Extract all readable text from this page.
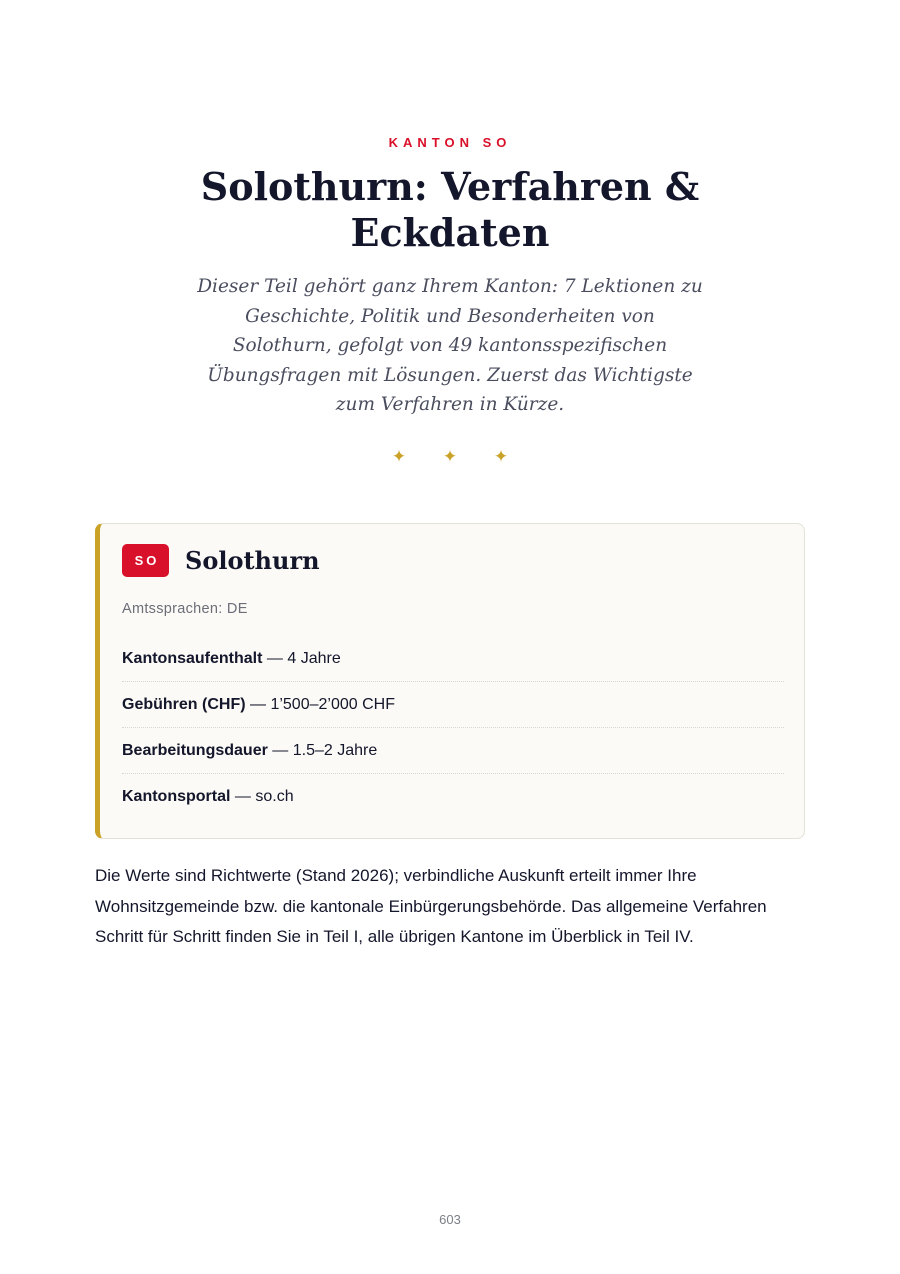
KANTON SO
Solothurn: Verfahren & Eckdaten

Dieser Teil gehört ganz Ihrem Kanton: 7 Lektionen zu Geschichte, Politik und Besonderheiten von Solothurn, gefolgt von 49 kantonsspezifischen Übungsfragen mit Lösungen. Zuerst das Wichtigste zum Verfahren in Kürze.

✦ ✦ ✦
SO	Solothurn
Amtssprachen: DE
Kantonsaufenthalt — 4 Jahre
Gebühren (CHF) — 1’500–2’000 CHF
Bearbeitungsdauer — 1.5–2 Jahre
Kantonsportal — so.ch

Die Werte sind Richtwerte (Stand 2026); verbindliche Auskunft erteilt immer Ihre Wohnsitzgemeinde bzw. die kantonale Einbürgerungsbehörde. Das allgemeine Verfahren Schritt für Schritt finden Sie in Teil I, alle übrigen Kantone im Überblick in Teil IV.

603
